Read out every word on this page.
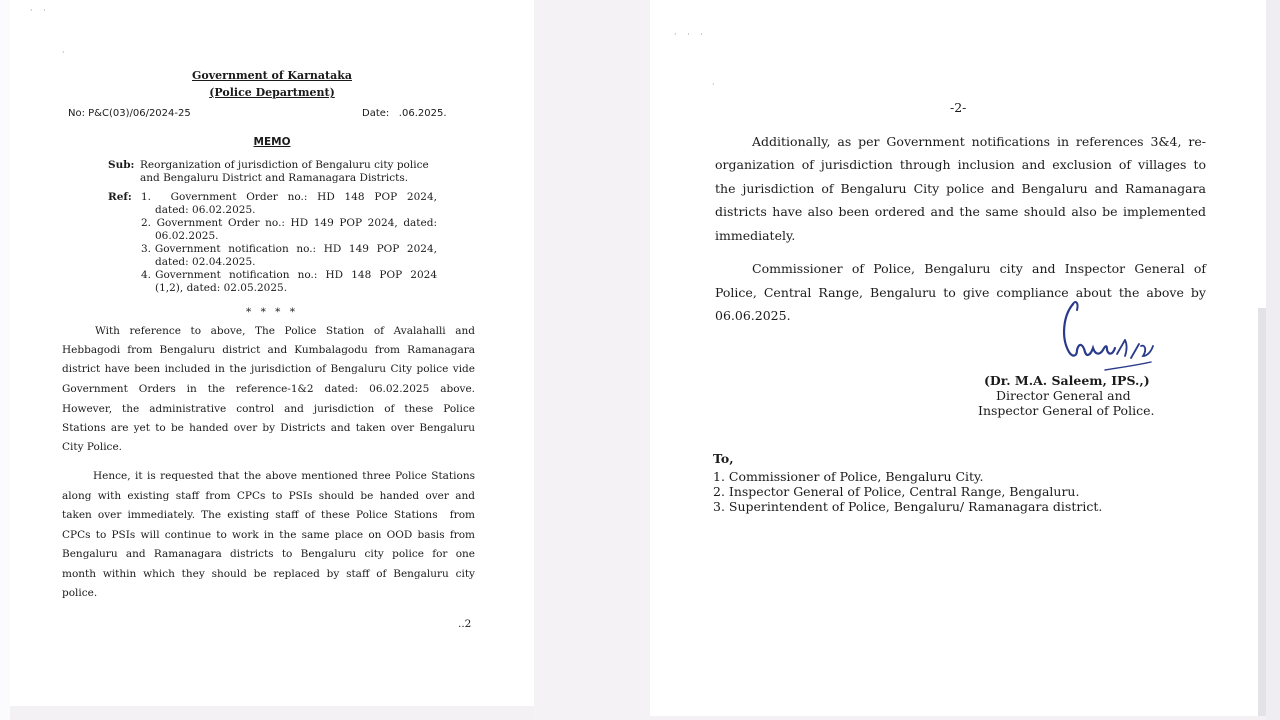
· ·
·
Government of Karnataka
(Police Department)
No: P&C(03)/06/2024-25	Date:   .06.2025.
MEMO
Sub: Reorganization of jurisdiction of Bengaluru city police
and Bengaluru District and Ramanagara Districts.
Ref: 1.    Government  Order  no.:  HD  148  POP  2024,
dated: 06.02.2025.
2. Government Order no.: HD 149 POP 2024, dated:
06.02.2025.
3. Government  notification  no.:  HD  149  POP  2024,
dated: 02.04.2025.
4. Government  notification  no.:  HD  148  POP  2024
(1,2), dated: 02.05.2025.
* * * *
With  reference  to  above,  The  Police  Station  of  Avalahalli  and
Hebbagodi from Bengaluru district and Kumbalagodu from Ramanagara
district have been included in the jurisdiction of Bengaluru City police vide
Government  Orders  in  the  reference-1&2  dated:  06.02.2025  above.
However,  the  administrative  control  and  jurisdiction  of  these  Police
Stations are yet to be handed over by Districts and taken over Bengaluru
City Police.
Hence, it is requested that the above mentioned three Police Stations
along with existing staff from CPCs to PSIs should be handed over and
taken over immediately. The existing staff of these Police Stations  from
CPCs to PSIs will continue to work in the same place on OOD basis from
Bengaluru  and  Ramanagara  districts  to  Bengaluru  city  police  for  one
month  within  which  they  should  be  replaced  by  staff  of  Bengaluru  city
police.
..2
· · ·
·
-2-
Additionally, as per Government notifications in references 3&4, re-
organization of jurisdiction through inclusion and exclusion of villages to
the jurisdiction of Bengaluru City police and Bengaluru and Ramanagara
districts have also been ordered and the same should also be implemented
immediately.
Commissioner of Police, Bengaluru city and Inspector General of
Police, Central Range, Bengaluru to give compliance about the above by
06.06.2025.
(Dr. M.A. Saleem, IPS.,)
Director General and
Inspector General of Police.
To,
1. Commissioner of Police, Bengaluru City.
2. Inspector General of Police, Central Range, Bengaluru.
3. Superintendent of Police, Bengaluru/ Ramanagara district.
